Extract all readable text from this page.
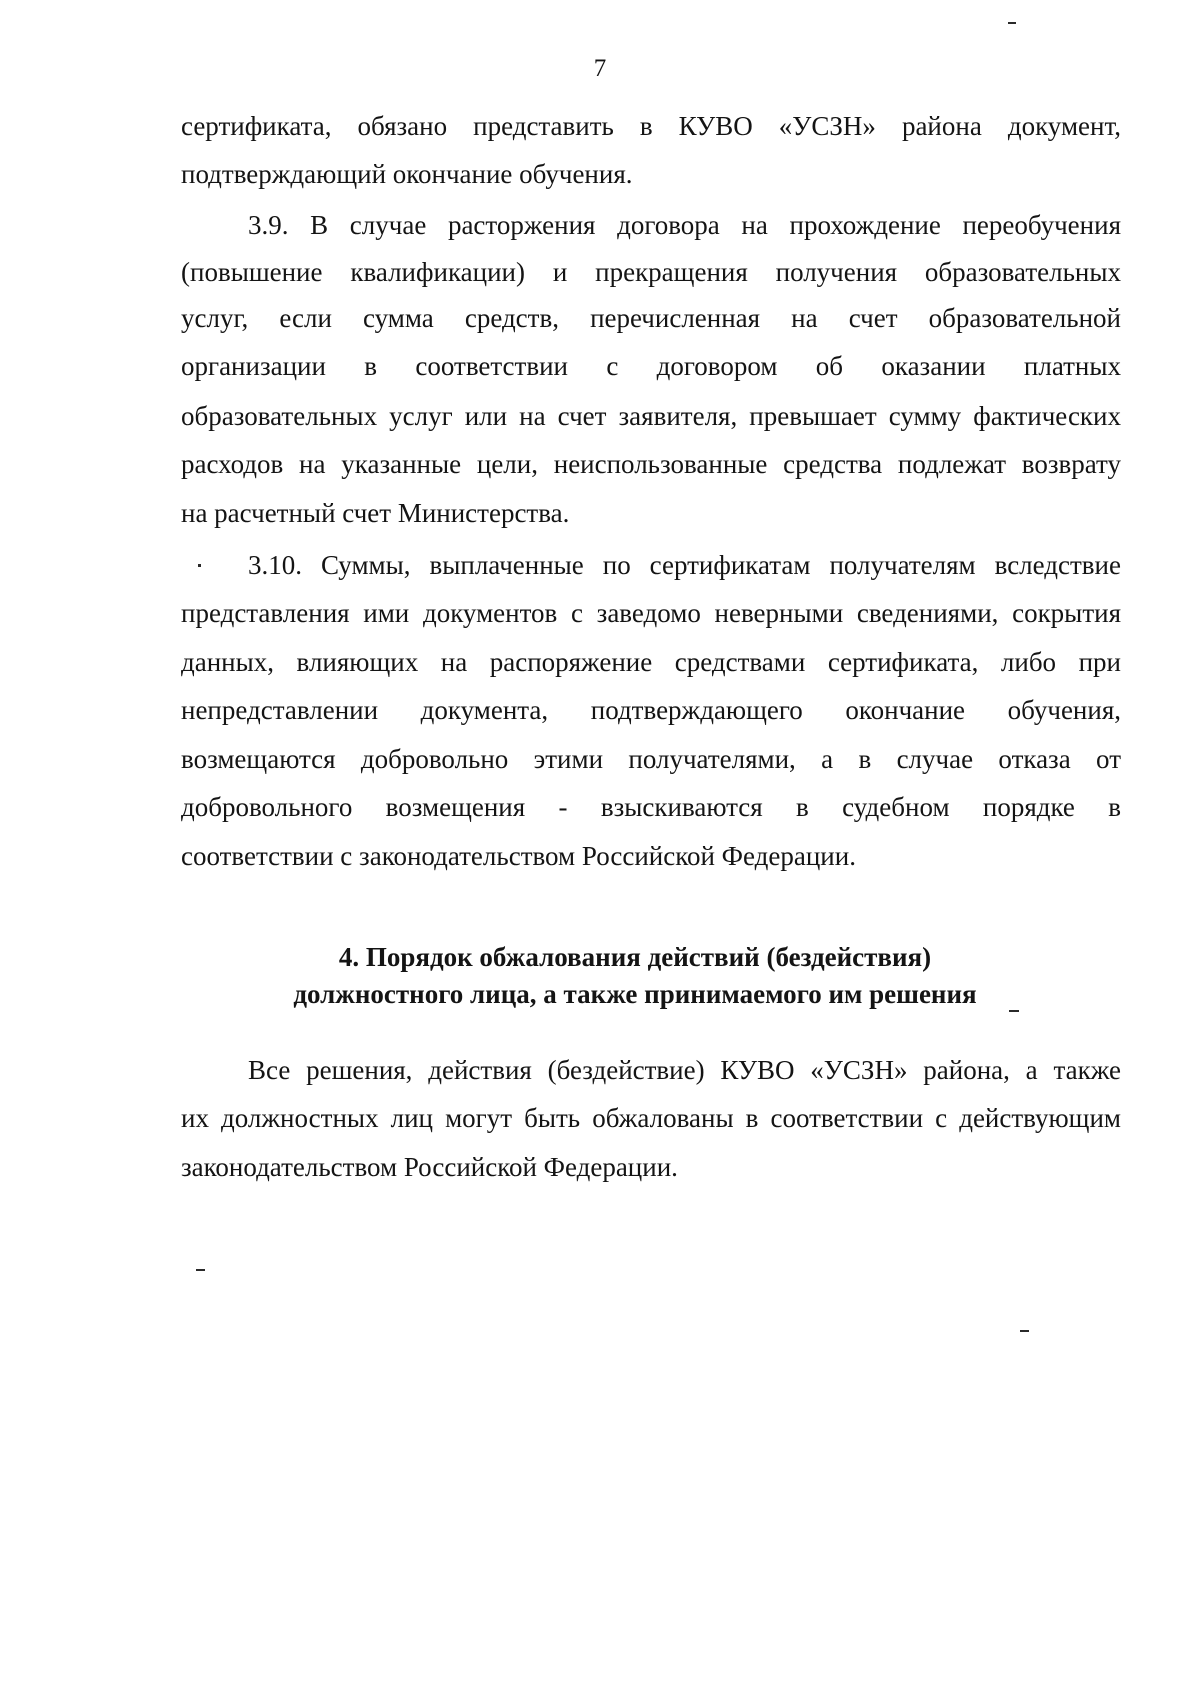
7
сертификата, обязано представить в КУВО «УСЗН» района документ,
подтверждающий окончание обучения.
3.9. В случае расторжения договора на прохождение переобучения
(повышение квалификации) и прекращения получения образовательных
услуг, если сумма средств, перечисленная на счет образовательной
организации в соответствии с договором об оказании платных
образовательных услуг или на счет заявителя, превышает сумму фактических
расходов на указанные цели, неиспользованные средства подлежат возврату
на расчетный счет Министерства.
3.10. Суммы, выплаченные по сертификатам получателям вследствие
представления ими документов с заведомо неверными сведениями, сокрытия
данных, влияющих на распоряжение средствами сертификата, либо при
непредставлении документа, подтверждающего окончание обучения,
возмещаются добровольно этими получателями, а в случае отказа от
добровольного возмещения - взыскиваются в судебном порядке в
соответствии с законодательством Российской Федерации.
4. Порядок обжалования действий (бездействия)
должностного лица, а также принимаемого им решения
Все решения, действия (бездействие) КУВО «УСЗН» района, а также
их должностных лиц могут быть обжалованы в соответствии с действующим
законодательством Российской Федерации.
